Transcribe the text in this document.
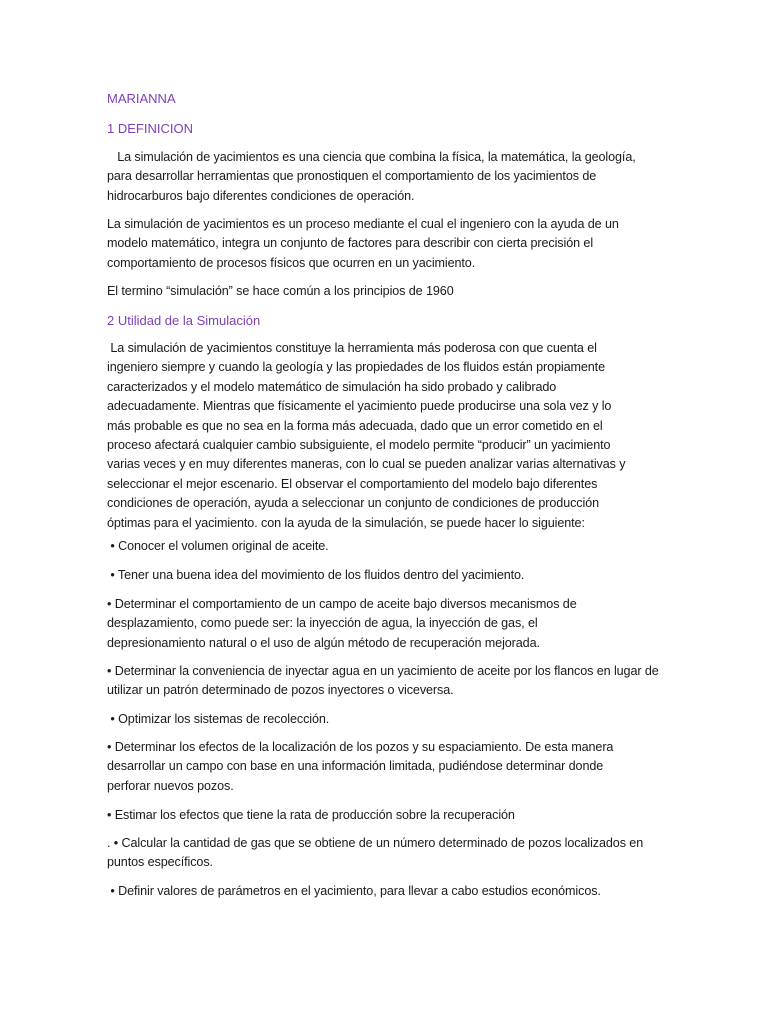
MARIANNA
1 DEFINICION
La simulación de yacimientos es una ciencia que combina la física, la matemática, la geología, para desarrollar herramientas que pronostiquen el comportamiento de los yacimientos de hidrocarburos bajo diferentes condiciones de operación.
La simulación de yacimientos es un proceso mediante el cual el ingeniero con la ayuda de un modelo matemático, integra un conjunto de factores para describir con cierta precisión el comportamiento de procesos físicos que ocurren en un yacimiento.
El termino “simulación” se hace común a los principios de 1960
2 Utilidad de la Simulación
La simulación de yacimientos constituye la herramienta más poderosa con que cuenta el ingeniero siempre y cuando la geología y las propiedades de los fluidos están propiamente caracterizados y el modelo matemático de simulación ha sido probado y calibrado adecuadamente. Mientras que físicamente el yacimiento puede producirse una sola vez y lo más probable es que no sea en la forma más adecuada, dado que un error cometido en el proceso afectará cualquier cambio subsiguiente, el modelo permite “producir” un yacimiento varias veces y en muy diferentes maneras, con lo cual se pueden analizar varias alternativas y seleccionar el mejor escenario. El observar el comportamiento del modelo bajo diferentes condiciones de operación, ayuda a seleccionar un conjunto de condiciones de producción óptimas para el yacimiento. con la ayuda de la simulación, se puede hacer lo siguiente:
• Conocer el volumen original de aceite.
• Tener una buena idea del movimiento de los fluidos dentro del yacimiento.
• Determinar el comportamiento de un campo de aceite bajo diversos mecanismos de desplazamiento, como puede ser: la inyección de agua, la inyección de gas, el depresionamiento natural o el uso de algún método de recuperación mejorada.
• Determinar la conveniencia de inyectar agua en un yacimiento de aceite por los flancos en lugar de utilizar un patrón determinado de pozos inyectores o viceversa.
• Optimizar los sistemas de recolección.
• Determinar los efectos de la localización de los pozos y su espaciamiento. De esta manera desarrollar un campo con base en una información limitada, pudiéndose determinar donde perforar nuevos pozos.
• Estimar los efectos que tiene la rata de producción sobre la recuperación
. • Calcular la cantidad de gas que se obtiene de un número determinado de pozos localizados en puntos específicos.
• Definir valores de parámetros en el yacimiento, para llevar a cabo estudios económicos.
